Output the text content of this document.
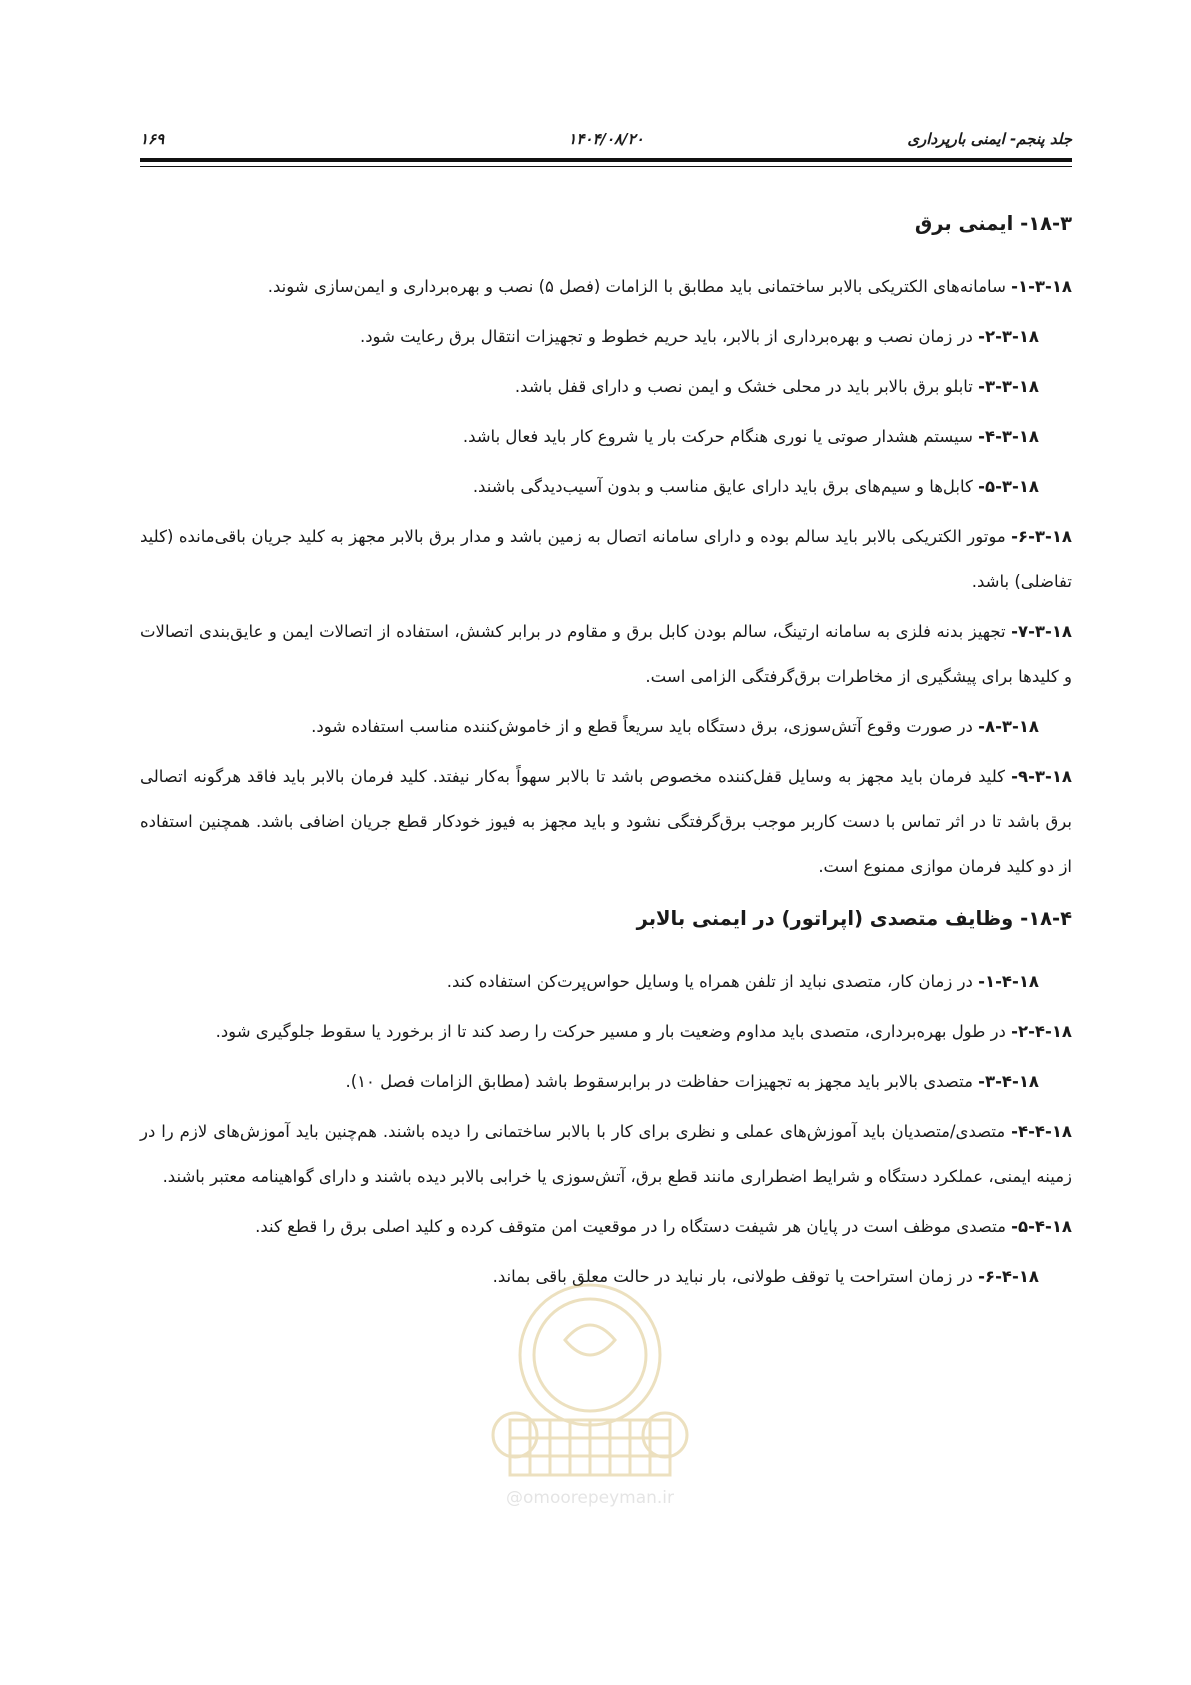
جلد پنجم- ایمنی بارپرداری
۱۴۰۴/۰۸/۲۰
۱۶۹
۱۸-۳- ایمنی برق

۱-۳-۱۸- سامانه‌های الکتریکی بالابر ساختمانی باید مطابق با الزامات (فصل ۵) نصب و بهره‌برداری و ایمن‌سازی شوند.

۲-۳-۱۸- در زمان نصب و بهره‌برداری از بالابر، باید حریم خطوط و تجهیزات انتقال برق رعایت شود.

۳-۳-۱۸- تابلو برق بالابر باید در محلی خشک و ایمن نصب و دارای قفل باشد.

۴-۳-۱۸- سیستم هشدار صوتی یا نوری هنگام حرکت بار یا شروع کار باید فعال باشد.

۵-۳-۱۸- کابل‌ها و سیم‌های برق باید دارای عایق مناسب و بدون آسیب‌دیدگی باشند.

۶-۳-۱۸- موتور الکتریکی بالابر باید سالم بوده و دارای سامانه اتصال به زمین باشد و مدار برق بالابر مجهز به کلید جریان باقی‌مانده (کلید تفاضلی) باشد.

۷-۳-۱۸- تجهیز بدنه فلزی به سامانه ارتینگ، سالم بودن کابل برق و مقاوم در برابر کشش، استفاده از اتصالات ایمن و عایق‌بندی اتصالات و کلیدها برای پیشگیری از مخاطرات برق‌گرفتگی الزامی است.

۸-۳-۱۸- در صورت وقوع آتش‌سوزی، برق دستگاه باید سریعاً قطع و از خاموش‌کننده مناسب استفاده شود.

۹-۳-۱۸- کلید فرمان باید مجهز به وسایل قفل‌کننده مخصوص باشد تا بالابر سهواً به‌کار نیفتد. کلید فرمان بالابر باید فاقد هرگونه اتصالی برق باشد تا در اثر تماس با دست کاربر موجب برق‌گرفتگی نشود و باید مجهز به فیوز خودکار قطع جریان اضافی باشد. همچنین استفاده از دو کلید فرمان موازی ممنوع است.

۱۸-۴- وظایف متصدی (اپراتور) در ایمنی بالابر

۱-۴-۱۸- در زمان کار، متصدی نباید از تلفن همراه یا وسایل حواس‌پرت‌کن استفاده کند.

۲-۴-۱۸- در طول بهره‌برداری، متصدی باید مداوم وضعیت بار و مسیر حرکت را رصد کند تا از برخورد یا سقوط جلوگیری شود.

۳-۴-۱۸- متصدی بالابر باید مجهز به تجهیزات حفاظت در برابرسقوط باشد (مطابق الزامات فصل ۱۰).

۴-۴-۱۸- متصدی/متصدیان باید آموزش‌های عملی و نظری برای کار با بالابر ساختمانی را دیده باشند. هم‌چنین باید آموزش‌های لازم را در زمینه ایمنی، عملکرد دستگاه و شرایط اضطراری مانند قطع برق، آتش‌سوزی یا خرابی بالابر دیده باشند و دارای گواهینامه معتبر باشند.

۵-۴-۱۸- متصدی موظف است در پایان هر شیفت دستگاه را در موقعیت امن متوقف کرده و کلید اصلی برق را قطع کند.

۶-۴-۱۸- در زمان استراحت یا توقف طولانی، بار نباید در حالت معلق باقی بماند.

@omoorepeyman.ir
